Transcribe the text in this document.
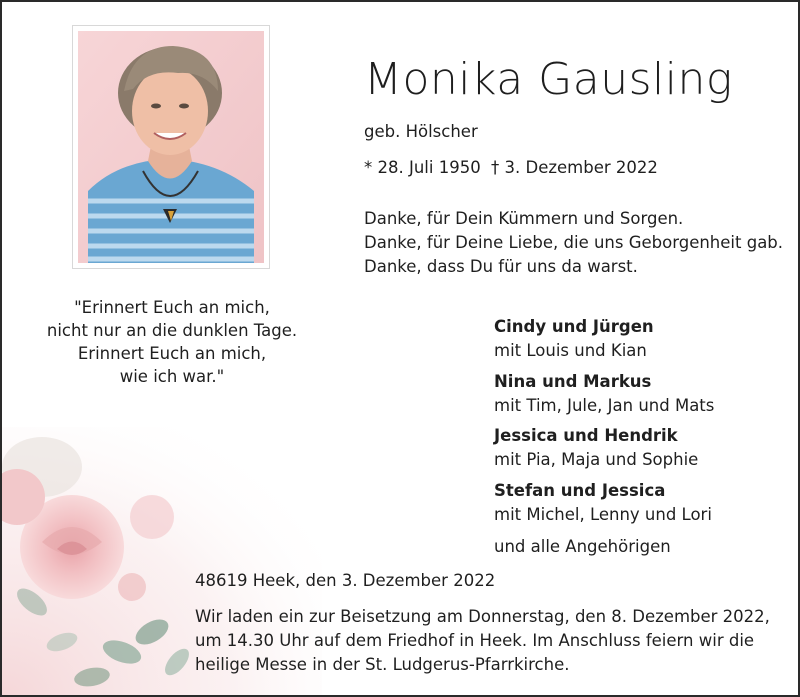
Monika Gausling
geb. Hölscher
* 28. Juli 1950 † 3. Dezember 2022
Danke, für Dein Kümmern und Sorgen.
Danke, für Deine Liebe, die uns Geborgenheit gab.
Danke, dass Du für uns da warst.
"Erinnert Euch an mich,
nicht nur an die dunklen Tage.
Erinnert Euch an mich,
wie ich war."
Cindy und Jürgen
mit Louis und Kian
Nina und Markus
mit Tim, Jule, Jan und Mats
Jessica und Hendrik
mit Pia, Maja und Sophie
Stefan und Jessica
mit Michel, Lenny und Lori
und alle Angehörigen
48619 Heek, den 3. Dezember 2022
Wir laden ein zur Beisetzung am Donnerstag, den 8. Dezember 2022,
um 14.30 Uhr auf dem Friedhof in Heek. Im Anschluss feiern wir die
heilige Messe in der St. Ludgerus-Pfarrkirche.
